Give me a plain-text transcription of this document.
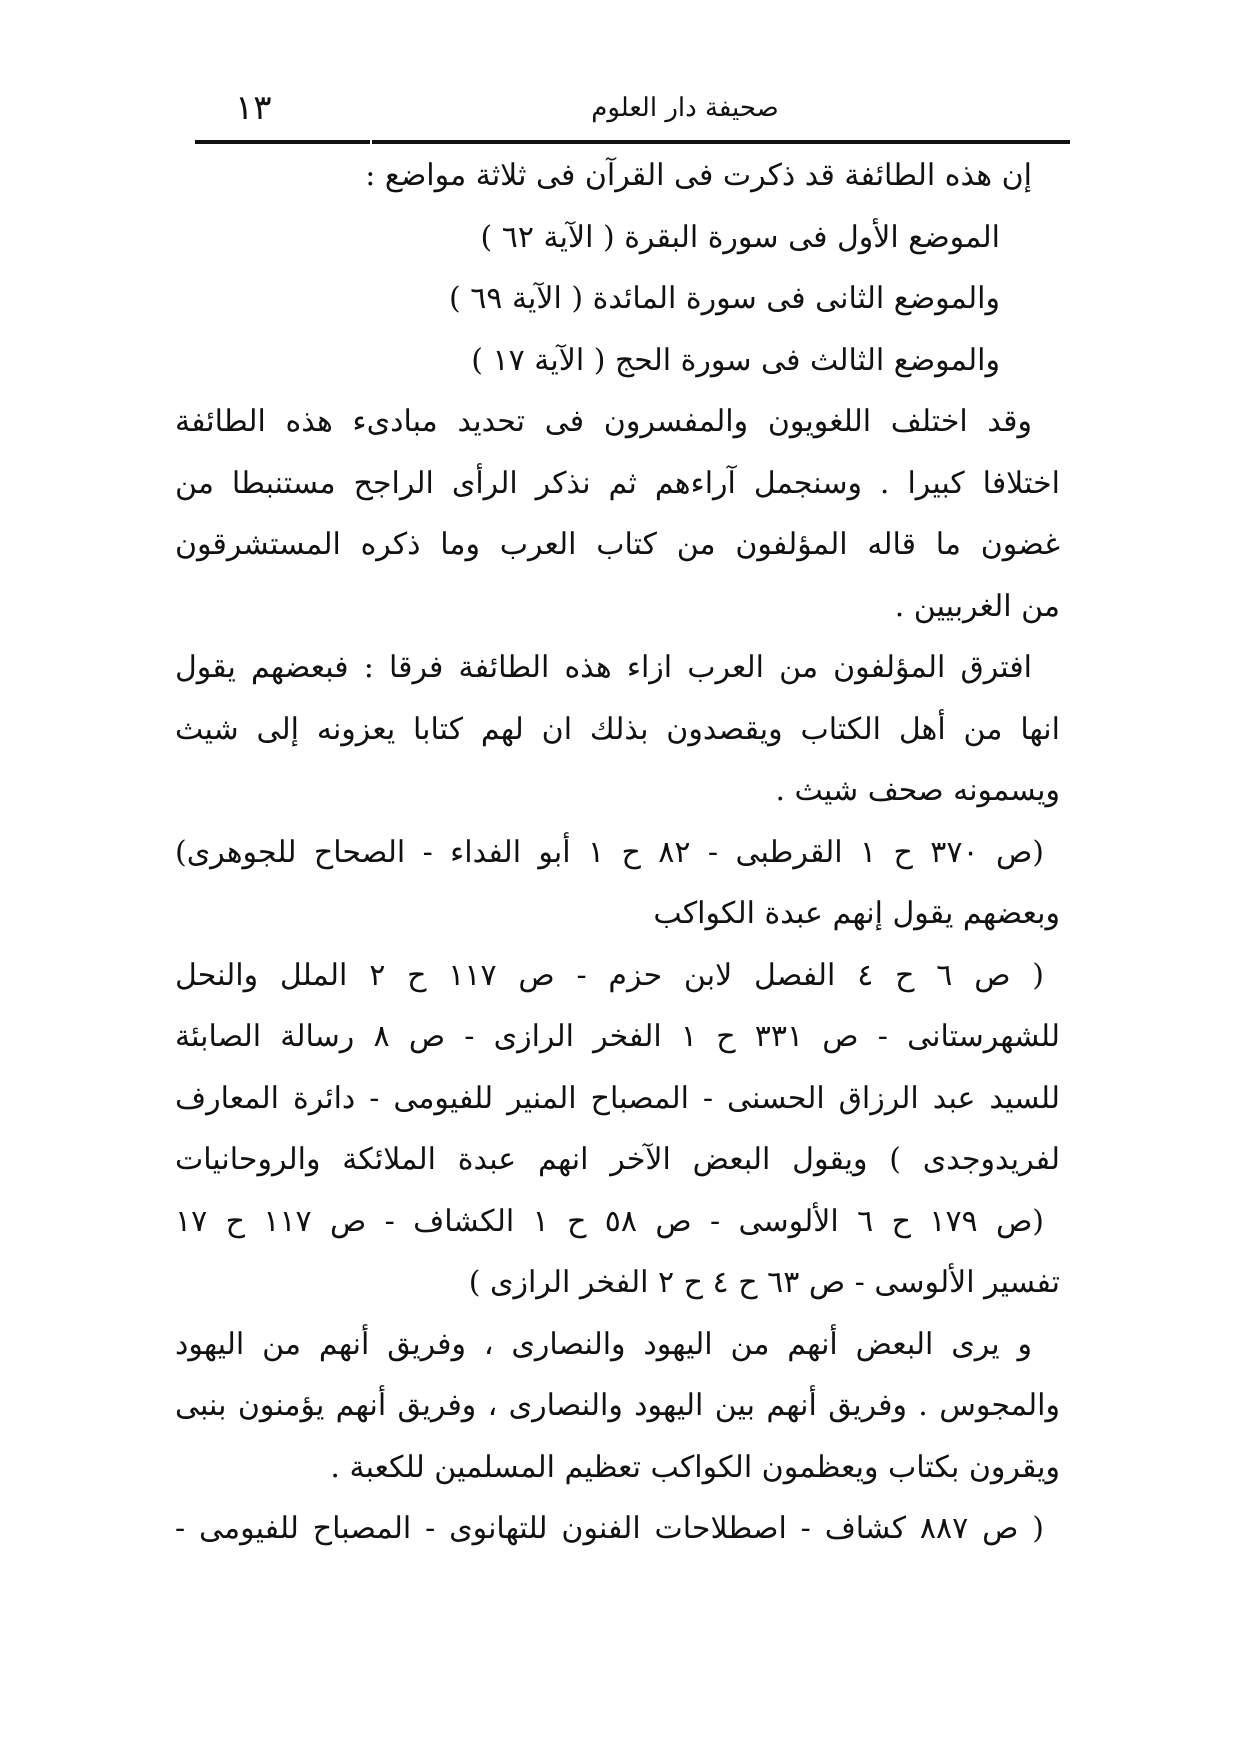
١٣	صحيفة دار العلوم
إن هذه الطائفة قد ذكرت فى القرآن فى ثلاثة مواضع :
الموضع الأول فى سورة البقرة ( الآية ٦٢ )
والموضع الثانى فى سورة المائدة ( الآية ٦٩ )
والموضع الثالث فى سورة الحج ( الآية ١٧ )
وقد اختلف اللغويون والمفسرون فى تحديد مبادىء هذه الطائفة
اختلافا كبيرا . وسنجمل آراءهم ثم نذكر الرأى الراجح مستنبطا من
غضون ما قاله المؤلفون من كتاب العرب وما ذكره المستشرقون
من الغربيين .
افترق المؤلفون من العرب ازاء هذه الطائفة فرقا : فبعضهم يقول
انها من أهل الكتاب ويقصدون بذلك ان لهم كتابا يعزونه إلى شيث
ويسمونه صحف شيث .
(ص ٣٧٠ ح ١ القرطبى - ٨٢ ح ١ أبو الفداء - الصحاح للجوهرى)
وبعضهم يقول إنهم عبدة الكواكب
( ص ٦ ح ٤ الفصل لابن حزم - ص ١١٧ ح ٢ الملل والنحل
للشهرستانى - ص ٣٣١ ح ١ الفخر الرازى - ص ٨ رسالة الصابئة
للسيد عبد الرزاق الحسنى - المصباح المنير للفيومى - دائرة المعارف
لفريدوجدى ) ويقول البعض الآخر انهم عبدة الملائكة والروحانيات
(ص ١٧٩ ح ٦ الألوسى - ص ٥٨ ح ١ الكشاف - ص ١١٧ ح ١٧
تفسير الألوسى - ص ٦٣ ح ٤ ح ٢ الفخر الرازى )
و يرى البعض أنهم من اليهود والنصارى ، وفريق أنهم من اليهود
والمجوس . وفريق أنهم بين اليهود والنصارى ، وفريق أنهم يؤمنون بنبى
ويقرون بكتاب ويعظمون الكواكب تعظيم المسلمين للكعبة .
( ص ٨٨٧ كشاف - اصطلاحات الفنون للتهانوى - المصباح للفيومى -
